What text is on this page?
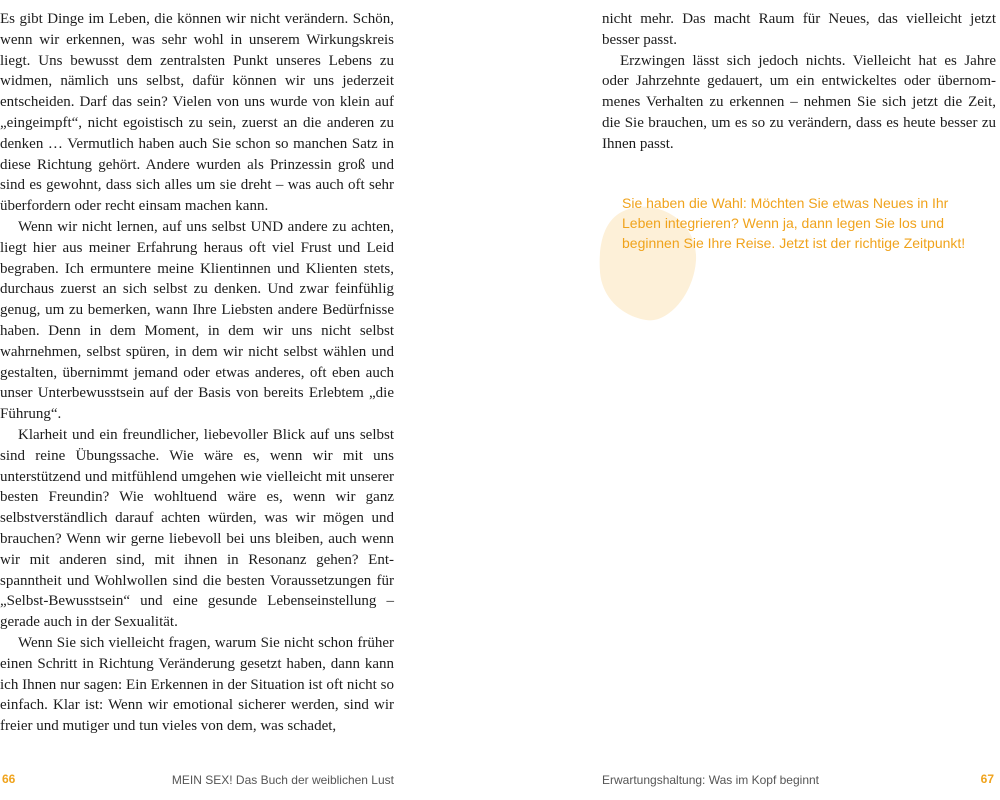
Es gibt Dinge im Leben, die können wir nicht verändern. Schön, wenn wir erkennen, was sehr wohl in unserem Wirkungskreis liegt. Uns bewusst dem zentralsten Punkt unseres Lebens zu widmen, nämlich uns selbst, dafür können wir uns jederzeit entscheiden. Darf das sein? Vielen von uns wurde von klein auf „eingeimpft“, nicht egoistisch zu sein, zuerst an die anderen zu denken … Vermutlich haben auch Sie schon so manchen Satz in diese Richtung gehört. Andere wurden als Prinzessin groß und sind es gewohnt, dass sich alles um sie dreht – was auch oft sehr überfordern oder recht einsam machen kann.

Wenn wir nicht lernen, auf uns selbst UND andere zu achten, liegt hier aus meiner Erfahrung heraus oft viel Frust und Leid begraben. Ich ermuntere meine Klientinnen und Klienten stets, durchaus zuerst an sich selbst zu denken. Und zwar feinfühlig genug, um zu bemerken, wann Ihre Liebsten andere Bedürfnisse haben. Denn in dem Moment, in dem wir uns nicht selbst wahrnehmen, selbst spüren, in dem wir nicht selbst wählen und gestalten, übernimmt jemand oder etwas anderes, oft eben auch unser Unterbewusstsein auf der Basis von bereits Erlebtem „die Führung“.

Klarheit und ein freundlicher, liebevoller Blick auf uns selbst sind reine Übungssache. Wie wäre es, wenn wir mit uns unterstützend und mitfühlend umgehen wie vielleicht mit unserer besten Freundin? Wie wohltuend wäre es, wenn wir ganz selbstverständlich darauf achten würden, was wir mögen und brauchen? Wenn wir gerne liebevoll bei uns bleiben, auch wenn wir mit anderen sind, mit ihnen in Resonanz gehen? Entspanntheit und Wohlwollen sind die besten Voraussetzungen für „Selbst-Bewusstsein“ und eine gesunde Lebenseinstellung – gerade auch in der Sexualität.

Wenn Sie sich vielleicht fragen, warum Sie nicht schon früher einen Schritt in Richtung Veränderung gesetzt haben, dann kann ich Ihnen nur sagen: Ein Erkennen in der Situation ist oft nicht so einfach. Klar ist: Wenn wir emotional sicherer werden, sind wir freier und mutiger und tun vieles von dem, was schadet,

66	MEIN SEX! Das Buch der weiblichen Lust

nicht mehr. Das macht Raum für Neues, das vielleicht jetzt besser passt.

Erzwingen lässt sich jedoch nichts. Vielleicht hat es Jahre oder Jahrzehnte gedauert, um ein entwickeltes oder übernommenes Verhalten zu erkennen – nehmen Sie sich jetzt die Zeit, die Sie brauchen, um es so zu verändern, dass es heute besser zu Ihnen passt.

Sie haben die Wahl: Möchten Sie etwas Neues in Ihr Leben integrieren? Wenn ja, dann legen Sie los und beginnen Sie Ihre Reise. Jetzt ist der richtige Zeitpunkt!
Erwartungshaltung: Was im Kopf beginnt	67
